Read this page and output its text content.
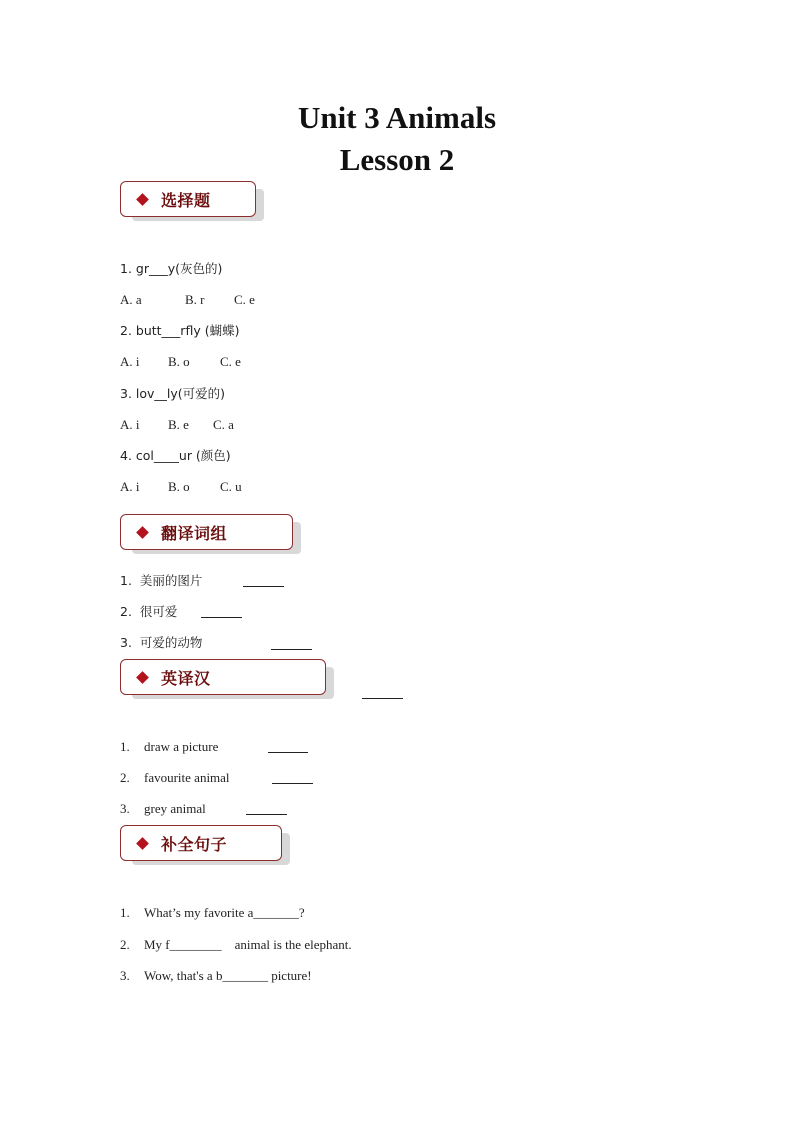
Unit 3 Animals
Lesson 2
选择题
1. gr___y(灰色的)
A. a	B. r C. e
2. butt___rfly (蝴蝶)
A. i B. o C. e
3. lov__ly(可爱的)
A. i B. e C. a
4. col____ur (颜色)
A. i B. o C. u
翻译词组
1.  美丽的图片
2.  很可爱
3.  可爱的动物
英译汉
1. draw a picture
2. favourite animal
3. grey animal
补全句子
1. What’s my favorite a_______?
2. My f________    animal is the elephant.
3. Wow, that's a b_______ picture!
